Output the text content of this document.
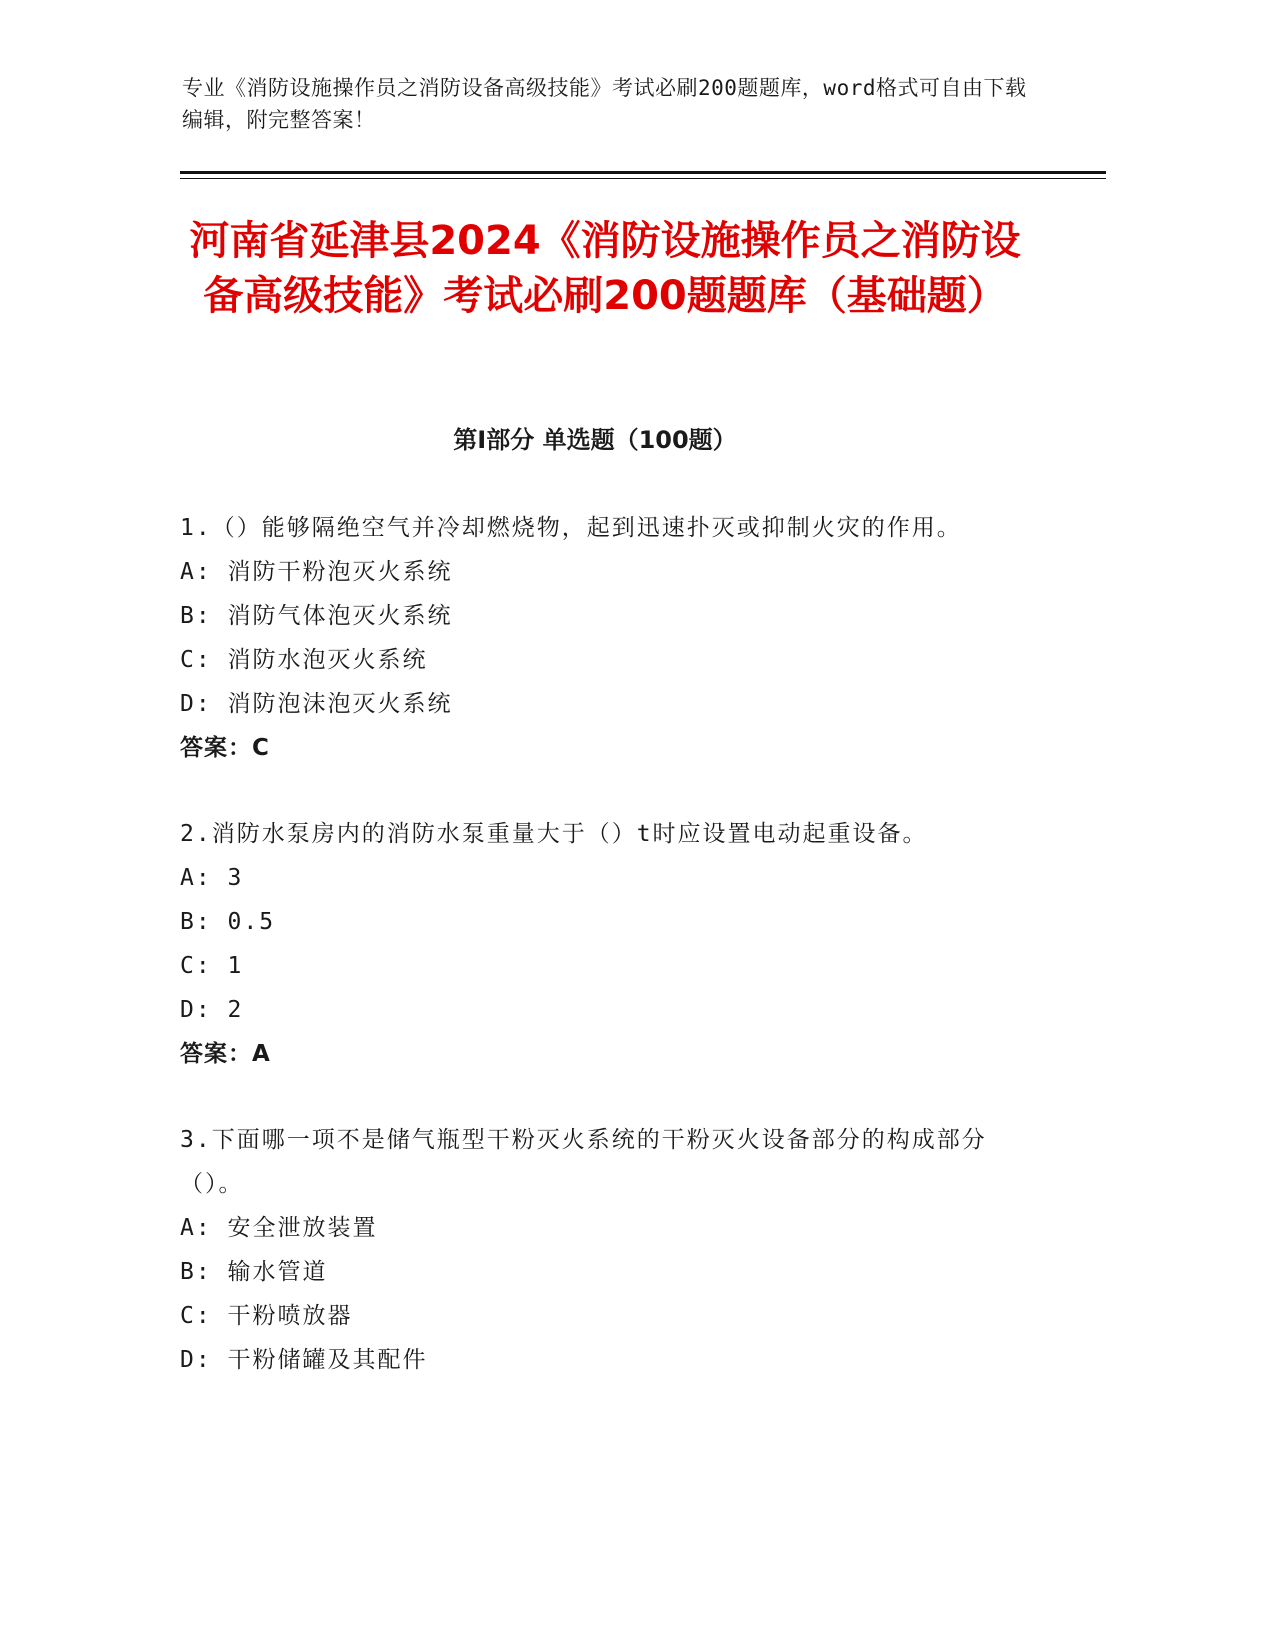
专业《消防设施操作员之消防设备高级技能》考试必刷200题题库，word格式可自由下载编辑，附完整答案！
河南省延津县2024《消防设施操作员之消防设备高级技能》考试必刷200题题库（基础题）
第I部分 单选题（100题）
1.（）能够隔绝空气并冷却燃烧物，起到迅速扑灭或抑制火灾的作用。
A: 消防干粉泡灭火系统
B: 消防气体泡灭火系统
C: 消防水泡灭火系统
D: 消防泡沫泡灭火系统
答案：C
2.消防水泵房内的消防水泵重量大于（）t时应设置电动起重设备。
A: 3
B: 0.5
C: 1
D: 2
答案：A
3.下面哪一项不是储气瓶型干粉灭火系统的干粉灭火设备部分的构成部分（）。
A: 安全泄放装置
B: 输水管道
C: 干粉喷放器
D: 干粉储罐及其配件
